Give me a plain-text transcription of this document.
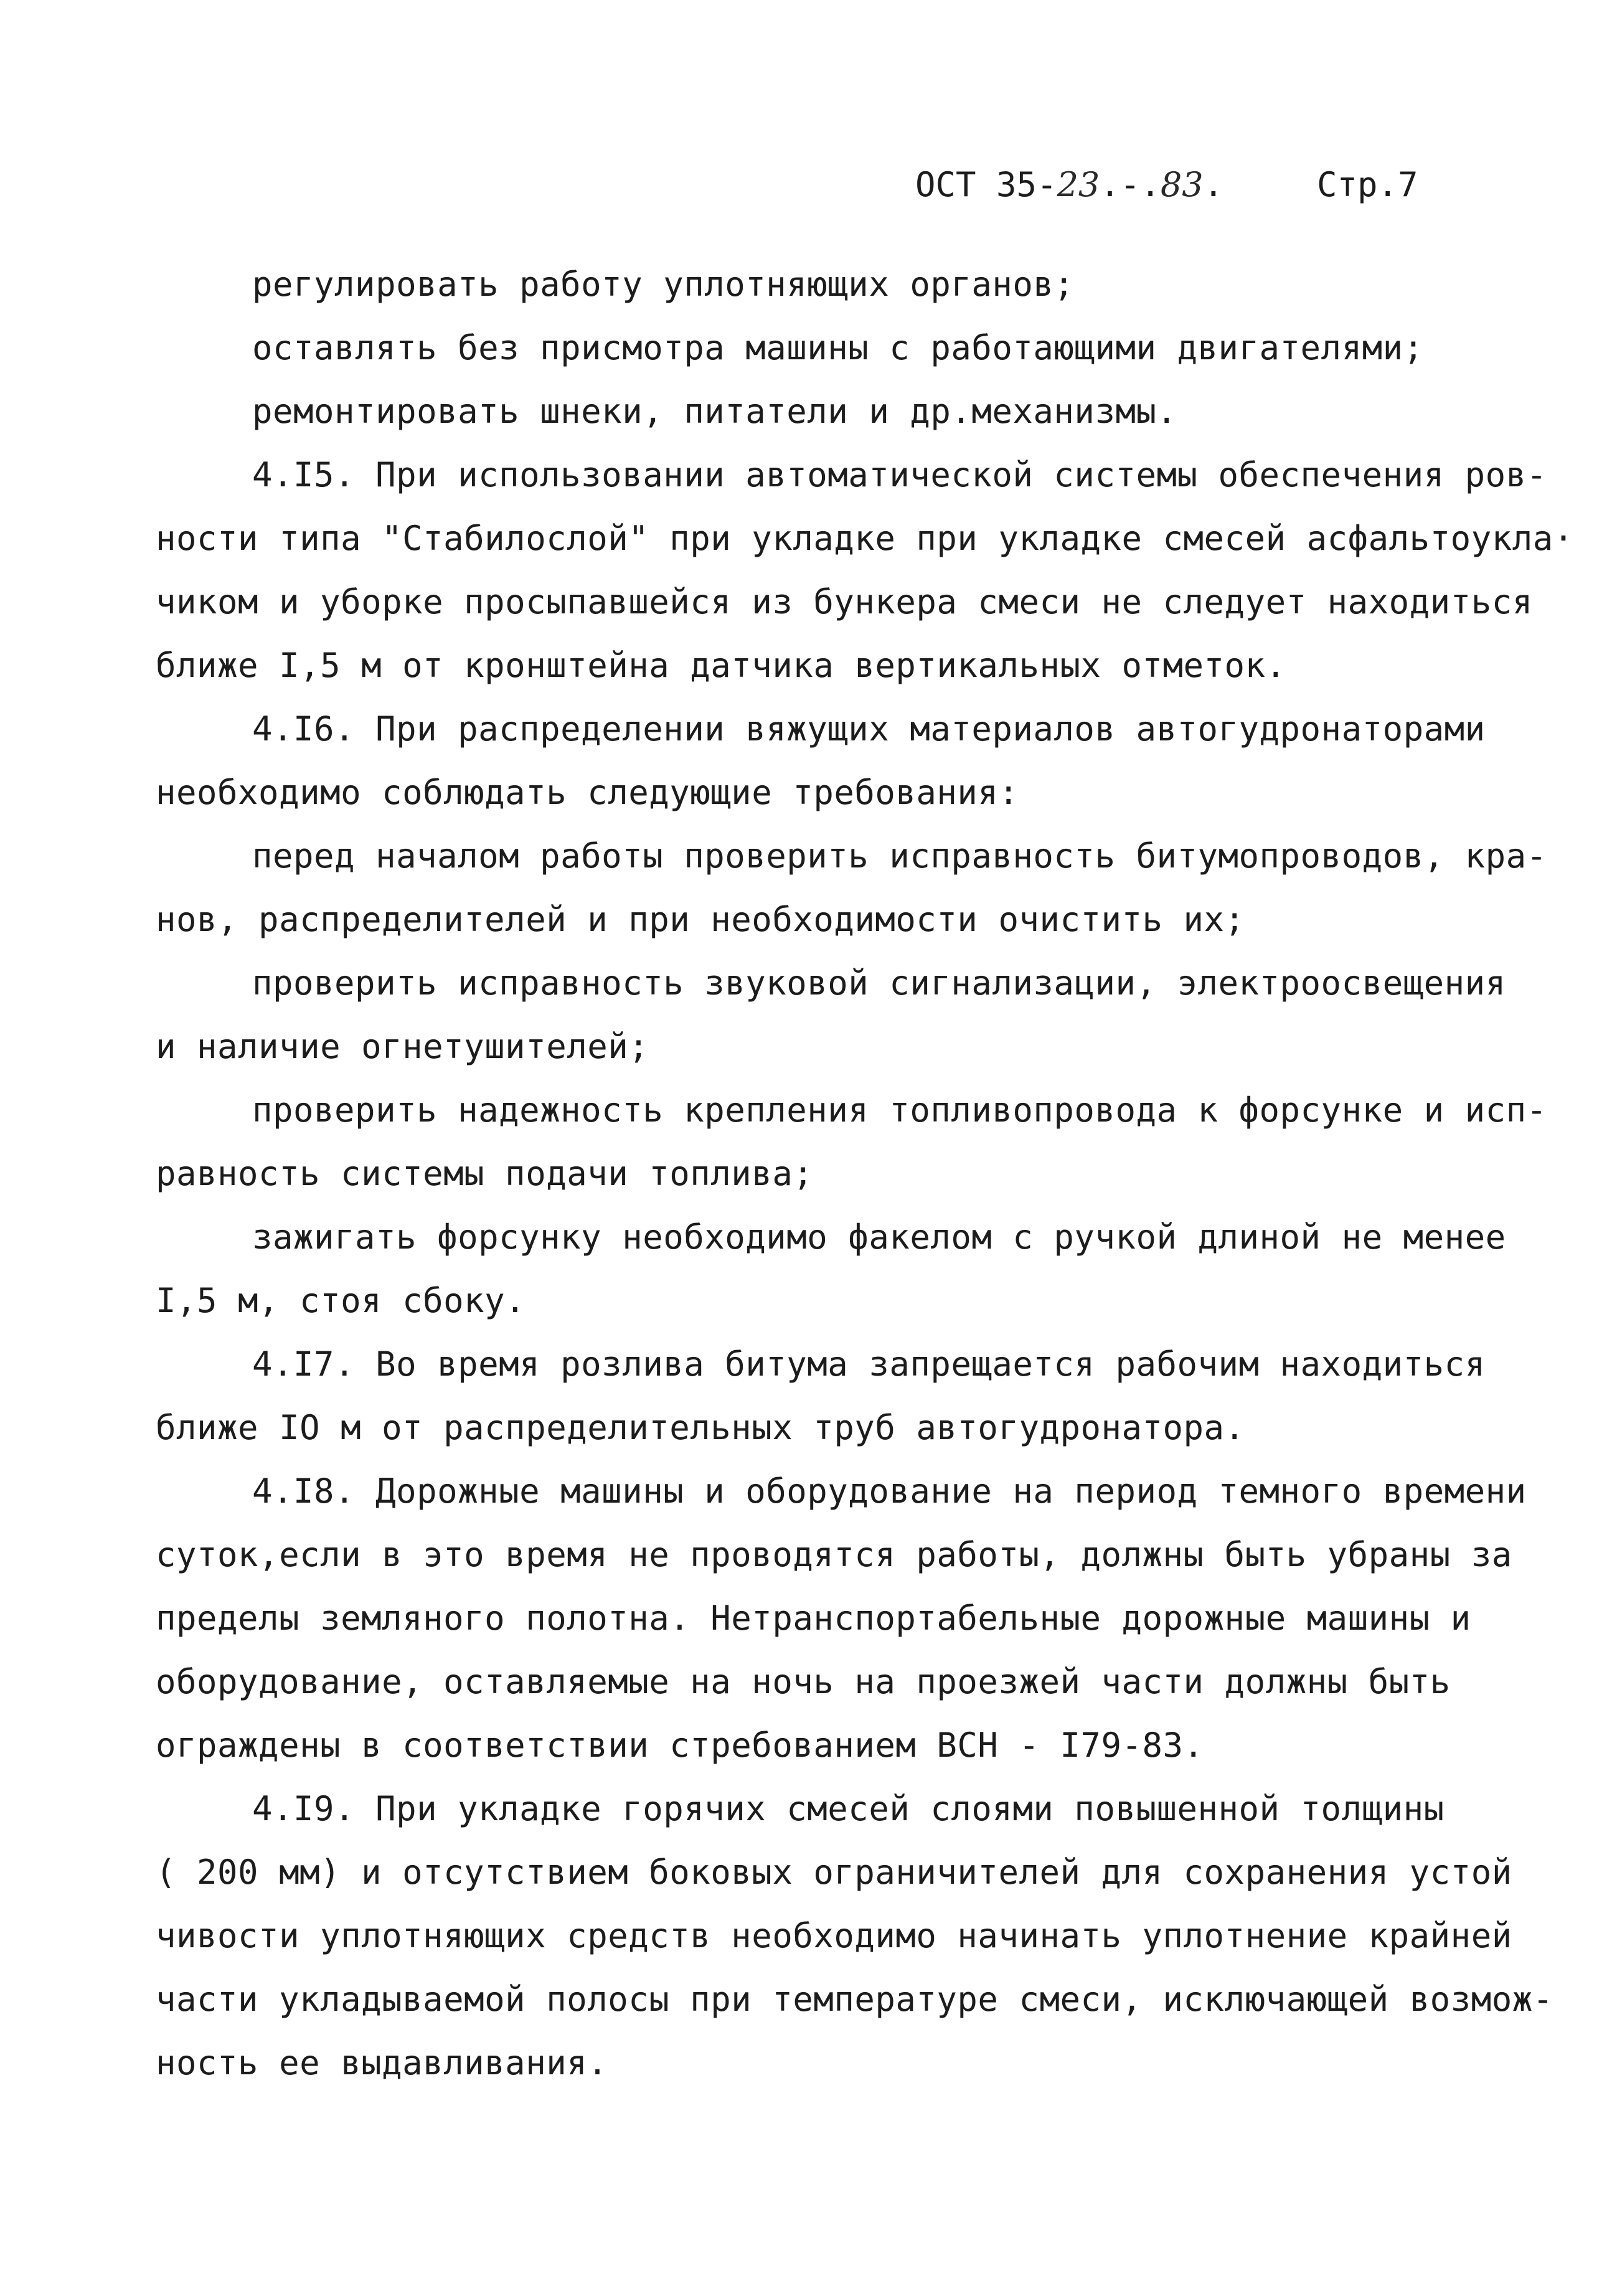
ОСТ 35-23.-.83.	Стр.7
регулировать работу уплотняющих органов;
оставлять без присмотра машины с работающими двигателями;
ремонтировать шнеки, питатели и др.механизмы.
4.I5. При использовании автоматической системы обеспечения ров-
ности типа "Стабилослой" при укладке при укладке смесей асфальтоукла·
чиком и уборке просыпавшейся из бункера смеси не следует находиться
ближе I,5 м от кронштейна датчика вертикальных отметок.
4.I6. При распределении вяжущих материалов автогудронаторами
необходимо соблюдать следующие требования:
перед началом работы проверить исправность битумопроводов, кра-
нов, распределителей и при необходимости очистить их;
проверить исправность звуковой сигнализации, электроосвещения
и наличие огнетушителей;
проверить надежность крепления топливопровода к форсунке и исп-
равность системы подачи топлива;
зажигать форсунку необходимо факелом с ручкой длиной не менее
I,5 м, стоя сбоку.
4.I7. Во время розлива битума запрещается рабочим находиться
ближе IO м от распределительных труб автогудронатора.
4.I8. Дорожные машины и оборудование на период темного времени
суток,если в это время не проводятся работы, должны быть убраны за
пределы земляного полотна. Нетранспортабельные дорожные машины и
оборудование, оставляемые на ночь на проезжей части должны быть
ограждены в соответствии стребованием ВСН - I79-83.
4.I9. При укладке горячих смесей слоями повышенной толщины
( 200 мм) и отсутствием боковых ограничителей для сохранения устой
чивости уплотняющих средств необходимо начинать уплотнение крайней
части укладываемой полосы при температуре смеси, исключающей возмож-
ность ее выдавливания.
